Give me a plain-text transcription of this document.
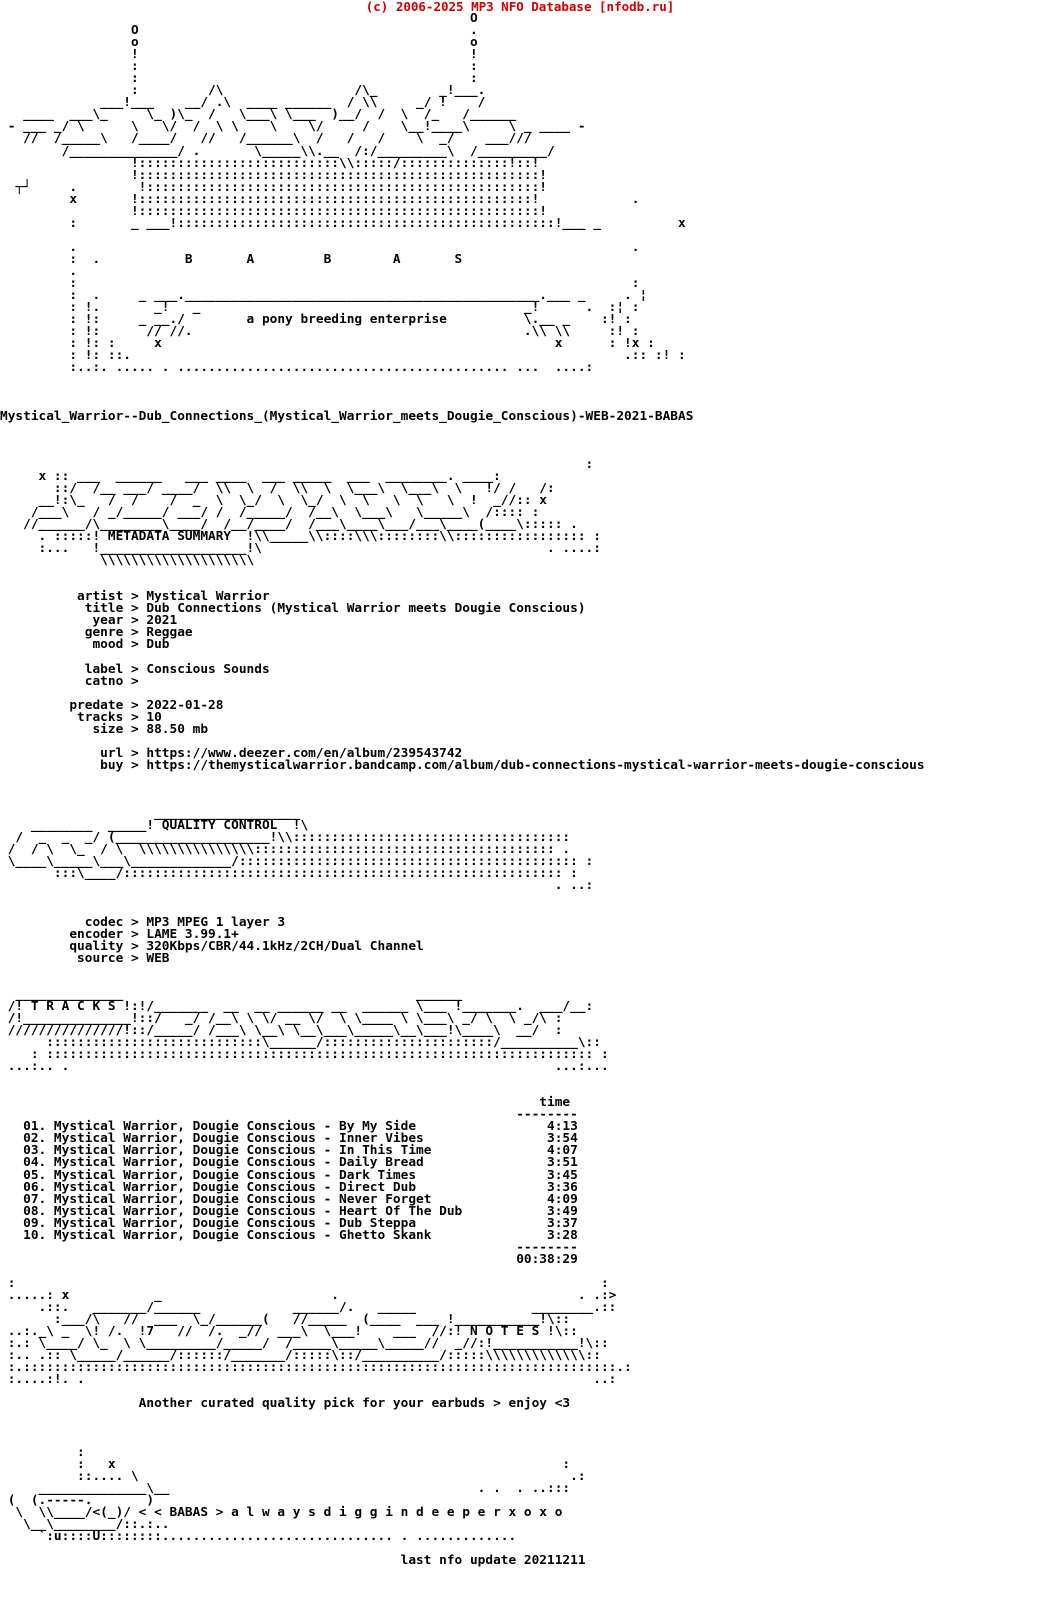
(c) 2006-2025 MP3 NFO Database [nfodb.ru]
O
O                                           .
o                                           o
!                                           !
:                                           :
:                                           :
:         /\                 /\_        _!___.
___!___    __/ .\  ____ ______  / \\     _/ !    /
____  ___\_     \_ )\_  /   \___\ \___  )__/  /  \  /_   /______
- ___ _/ \      \   \/  /  \ \    \    \/     /    \__!____\     \ _ ____ -
//  /_____\   /____/   //   /______\  /   /   /    \  _/    ___///
/______________/ .       \_____\\.__  /:/_________\  /_________/
!::::::::::::::::::::::::::\\:::::/::::::::::::::!::!
!::::::::::::::::::::::::::::::::::::::::::::::::::::!
┬┘     .        !:::::::::::::::::::::::::::::::::::::::::::::::::::!
x       !:::::::::::::::::::::::::::::::::::::::::::::::::::!            .
!::::::::::::::::::::::::::::::::::::::::::::::::::::!
:       _ ___!:::::::::::::::::::::::::::::::::::::::::::::::::!___ _          x

.                                                                        .
:  .           B       A         B        A       S
.
:                                                                        :
:  .     _ ___.______________________________________________.___ _     . ¦
: !.       _!   _                                          _!      .  :¦ :
: !:     _ __./        a pony breeding enterprise          \.__ _    :! :
: !:      // //.                                           .\\ \\     :! :
: !: :     x                                                   x      : !x :
: !: ::.                                                                .:: :! :
:..:. ..... . ........................................... ...  ....:

Mystical_Warrior--Dub_Connections_(Mystical_Warrior_meets_Dougie_Conscious)-WEB-2021-BABAS

:
x :: ___  ______   ___ ____  ___ _____  ___  ________. ____:
::/  /__ ___/ ____/  \\  \  /  \\  \  \___\  \___\  \   !/ /   /:
__!:\_   /  /    /  _  \  \_/  \  \_/  \  \   \  \   \  !  _//:: x
/___\   / _/_____/ ___/ /  /_____/  /__\  \___\   \_____\  /:::: :
//______/\________\____/  /__/____/  /___\____\___/___\____(____\::::: .
. :::::! METADATA SUMMARY  !\\_____\\::::\\\::::::::\\::::::::::::::::: :
:...   !___________________!\                                     . ....:
\\\\\\\\\\\\\\\\\\\\

artist > Mystical Warrior
title > Dub Connections (Mystical Warrior meets Dougie Conscious)
year > 2021
genre > Reggae
mood > Dub

label > Conscious Sounds
catno >

predate > 2022-01-28
tracks > 10
size > 88.50 mb

url > https://www.deezer.com/en/album/239543742
buy > https://themysticalwarrior.bandcamp.com/album/dub-connections-mystical-warrior-meets-dougie-conscious

___________________
________  _____! QUALITY CONTROL  !\
/  _  _  _/ (____________________!\\::::::::::::::::::::::::::::::::::::
/  / \  \_  / \  \\\\\\\\\\\\\\\::::::::::::::::::::::::::::::::::::::: .
\____\_____\___\_____________/:::::::::::::::::::::::::::::::::::::::::::: :
:::\____/::::::::::::::::::::::::::::::::::::::::::::::::::::::::: :
. ..:

codec > MP3 MPEG 1 layer 3
encoder > LAME 3.99.1+
quality > 320Kbps/CBR/44.1kHz/2CH/Dual Channel
source > WEB

______________                                      ______
/! T R A C K S !:!/_______  __  __ ______ __  ______ \___ !_______.  ___/__:
/!______________!::/   _/ /__\ \ \/ __ \/  \ \____ \ \___\ _/ \  \ _/\ :
///////////////!::/_____/ /___\ \__\ \__\___\_____\__\___!\____\  __/  :
::::::::::::::::::::::::::::\______/::::::::::::::::::::::/__________\::
: ::::::::::::::::::::::::::::::::::::::::::::::::::::::::::::::::::::::: :
...:.. .                                                               ...:...

time
--------
01. Mystical Warrior, Dougie Conscious - By My Side                 4:13
02. Mystical Warrior, Dougie Conscious - Inner Vibes                3:54
03. Mystical Warrior, Dougie Conscious - In This Time               4:07
04. Mystical Warrior, Dougie Conscious - Daily Bread                3:51
05. Mystical Warrior, Dougie Conscious - Dark Times                 3:45
06. Mystical Warrior, Dougie Conscious - Direct Dub                 3:36
07. Mystical Warrior, Dougie Conscious - Never Forget               4:09
08. Mystical Warrior, Dougie Conscious - Heart Of The Dub           3:49
09. Mystical Warrior, Dougie Conscious - Dub Steppa                 3:37
10. Mystical Warrior, Dougie Conscious - Ghetto Skank               3:28
--------
00:38:29

:                                                                            :
.....: x           _                      .                               . .:>
.::.   _______/______            ______/.   _____               ________.::
:___/\   //  ___  \_/______(   //_____  (____  ___ !___________!\::
..:._\ _  \! /.  !7   //  /.  _//  ___\  \___!    ___  //:! N O T E S !\::
:.: \____/ \_  \ \_________/_____/  /_____\_____\_____//  _//:!___________!\::
:.. .:: \_____/______/::::::/_______/:::::\::/__________/:::::\\\\\\\\\\\\\::
:.:::::::::::::::::::::::::::::::::::::::::::::::::::::::::::::::::::::::::::::.:
:....:!. .                                                                  ..:

Another curated quality pick for your earbuds > enjoy <3

:
:   x                                                          :
::.... \                                                        .:
______________\__                                        . .  . ..:::
(  (.-----.       )
\  \\____/<(_)/ < < BABAS > a l w a y s d i g g i n d e e p e r x o x o
\__\________/::.:..
`:u::::U::::::::.............................. . .............

last nfo update 20211211
